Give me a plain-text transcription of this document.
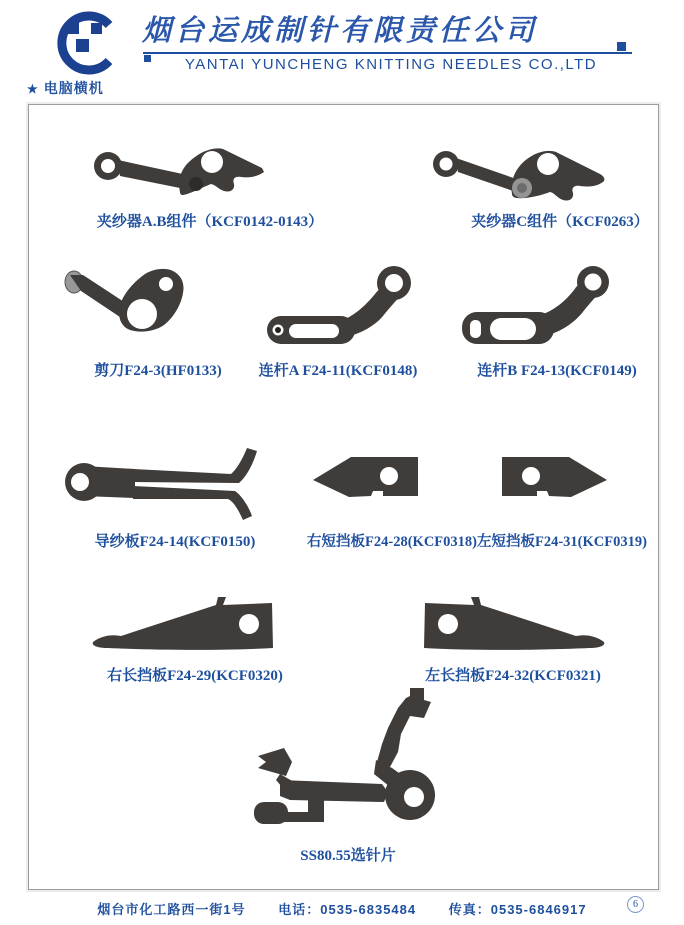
烟台运成制针有限责任公司
YANTAI YUNCHENG KNITTING NEEDLES CO.,LTD
★ 电脑横机
夹纱器A.B组件（KCF0142-0143）	夹纱器C组件（KCF0263）
剪刀F24-3(HF0133) 连杆A F24-11(KCF0148)	连杆B F24-13(KCF0149)
导纱板F24-14(KCF0150)	右短挡板F24-28(KCF0318)左短挡板F24-31(KCF0319)
右长挡板F24-29(KCF0320)	左长挡板F24-32(KCF0321)
SS80.55选针片
烟台市化工路西一街1号	电话：0535-6835484	传真：0535-6846917	6
